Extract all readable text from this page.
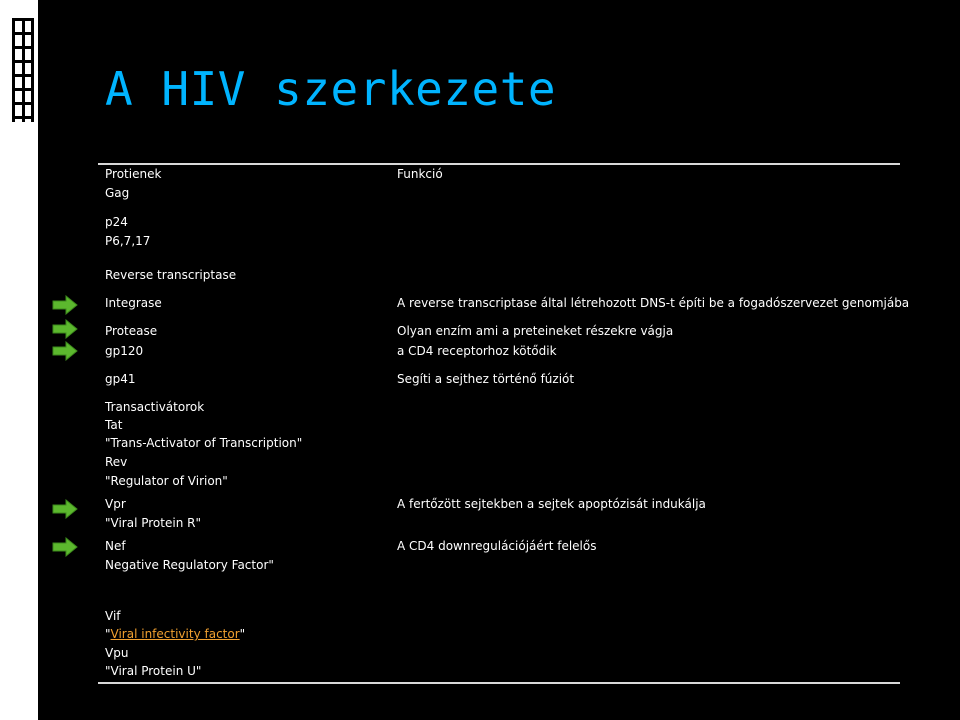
A HIV szerkezete
Protienek	Funkció
Gag
p24
P6,7,17
Reverse transcriptase
Integrase
Protease
gp120
gp41
Transactivátorok
Tat
"Trans-Activator of Transcription"
Rev
"Regulator of Virion"
Vpr
"Viral Protein R"
Nef
Negative Regulatory Factor"
A reverse transcriptase által létrehozott DNS-t építi be a fogadószervezet genomjába
Olyan enzím ami a preteineket részekre vágja
a CD4 receptorhoz kötődik
Segíti a sejthez történő fúziót
A fertőzött sejtekben a sejtek apoptózisát indukálja
A CD4 downregulációjáért felelős
Vif
"Viral infectivity factor"
Vpu
"Viral Protein U"
